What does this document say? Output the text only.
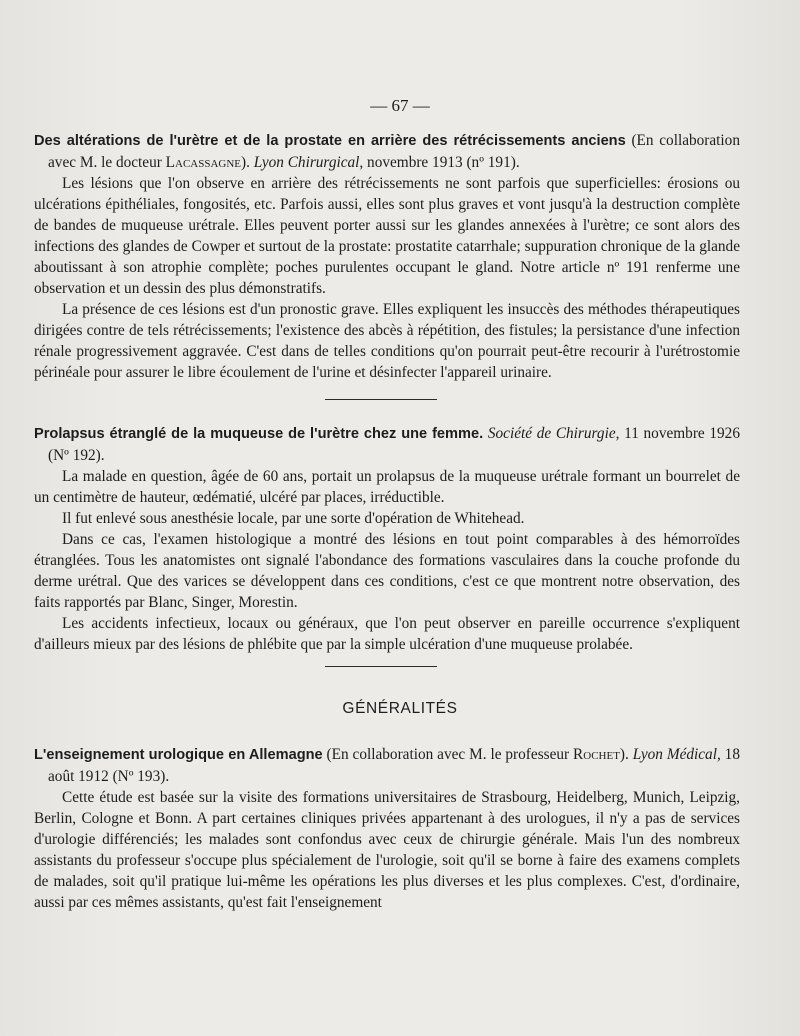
— 67 —

Des altérations de l'urètre et de la prostate en arrière des rétrécissements anciens (En collaboration avec M. le docteur Lacassagne). Lyon Chirurgical, novembre 1913 (nº 191).

Les lésions que l'on observe en arrière des rétrécissements ne sont parfois que superficielles: érosions ou ulcérations épithéliales, fongosités, etc. Parfois aussi, elles sont plus graves et vont jusqu'à la destruction complète de bandes de muqueuse urétrale. Elles peuvent porter aussi sur les glandes annexées à l'urètre; ce sont alors des infections des glandes de Cowper et surtout de la prostate: prostatite catarrhale; suppuration chronique de la glande aboutissant à son atrophie complète; poches purulentes occupant le gland. Notre article nº 191 renferme une observation et un dessin des plus démonstratifs.

La présence de ces lésions est d'un pronostic grave. Elles expliquent les insuccès des méthodes thérapeutiques dirigées contre de tels rétrécissements; l'existence des abcès à répétition, des fistules; la persistance d'une infection rénale progressivement aggravée. C'est dans de telles conditions qu'on pourrait peut-être recourir à l'urétrostomie périnéale pour assurer le libre écoulement de l'urine et désinfecter l'appareil urinaire.

Prolapsus étranglé de la muqueuse de l'urètre chez une femme. Société de Chirurgie, 11 novembre 1926 (Nº 192).

La malade en question, âgée de 60 ans, portait un prolapsus de la muqueuse urétrale formant un bourrelet de un centimètre de hauteur, œdématié, ulcéré par places, irréductible.

Il fut enlevé sous anesthésie locale, par une sorte d'opération de Whitehead.

Dans ce cas, l'examen histologique a montré des lésions en tout point comparables à des hémorroïdes étranglées. Tous les anatomistes ont signalé l'abondance des formations vasculaires dans la couche profonde du derme urétral. Que des varices se développent dans ces conditions, c'est ce que montrent notre observation, des faits rapportés par Blanc, Singer, Morestin.

Les accidents infectieux, locaux ou généraux, que l'on peut observer en pareille occurrence s'expliquent d'ailleurs mieux par des lésions de phlébite que par la simple ulcération d'une muqueuse prolabée.

GÉNÉRALITÉS

L'enseignement urologique en Allemagne (En collaboration avec M. le professeur Rochet). Lyon Médical, 18 août 1912 (Nº 193).

Cette étude est basée sur la visite des formations universitaires de Strasbourg, Heidelberg, Munich, Leipzig, Berlin, Cologne et Bonn. A part certaines cliniques privées appartenant à des urologues, il n'y a pas de services d'urologie différenciés; les malades sont confondus avec ceux de chirurgie générale. Mais l'un des nombreux assistants du professeur s'occupe plus spécialement de l'urologie, soit qu'il se borne à faire des examens complets de malades, soit qu'il pratique lui-même les opérations les plus diverses et les plus complexes. C'est, d'ordinaire, aussi par ces mêmes assistants, qu'est fait l'enseignement
